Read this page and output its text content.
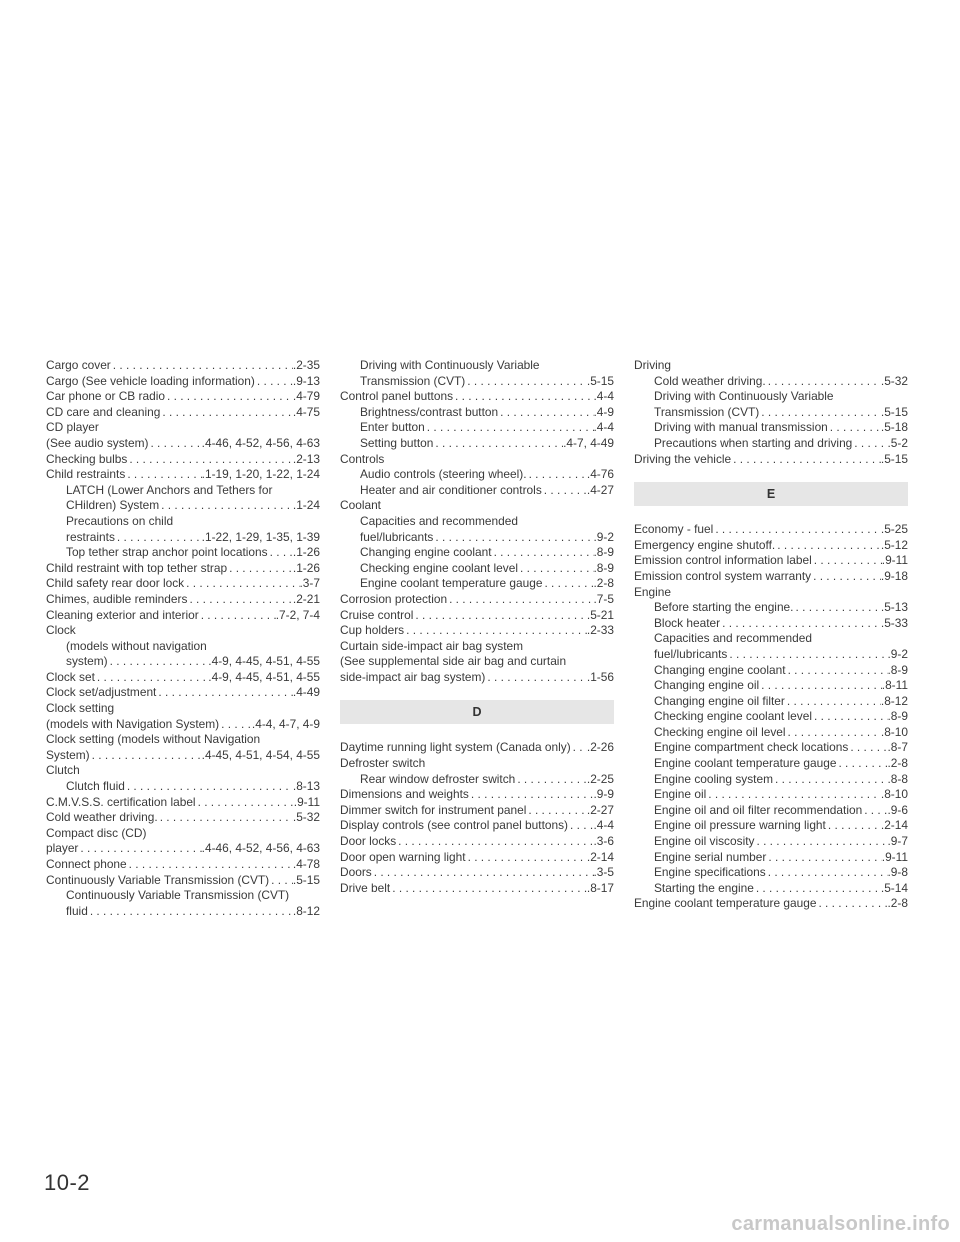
Cargo cover . . .	.2-35
Cargo (See vehicle loading information) . . .	.9-13
Car phone or CB radio . . .	.4-79
CD care and cleaning . . .	.4-75
CD player
(See audio system) . . .	.4-46, 4-52, 4-56, 4-63
Checking bulbs . . .	.2-13
Child restraints . . .	.1-19, 1-20, 1-22, 1-24
LATCH (Lower Anchors and Tethers for
CHildren) System . . .	.1-24
Precautions on child
restraints . . .	.1-22, 1-29, 1-35, 1-39
Top tether strap anchor point locations . . . .1-26
Child restraint with top tether strap . . .	.1-26
Child safety rear door lock . . .	.3-7
Chimes, audible reminders . . .	.2-21
Cleaning exterior and interior . . .	.7-2, 7-4
Clock
(models without navigation
system) . . .	.4-9, 4-45, 4-51, 4-55
Clock set . . .	.4-9, 4-45, 4-51, 4-55
Clock set/adjustment . . .	.4-49
Clock setting
(models with Navigation System) . . .	.4-4, 4-7, 4-9
Clock setting (models without Navigation
System) . . .	.4-45, 4-51, 4-54, 4-55
Clutch
Clutch fluid . . .	.8-13
C.M.V.S.S. certification label . . .	.9-11
Cold weather driving. . . .	.5-32
Compact disc (CD)
player . . .	.4-46, 4-52, 4-56, 4-63
Connect phone . . .	.4-78
Continuously Variable Transmission (CVT) . . . .5-15
Continuously Variable Transmission (CVT)
fluid . . .	.8-12
Driving with Continuously Variable
Transmission (CVT) . . .	.5-15
Control panel buttons . . .	.4-4
Brightness/contrast button . . .	.4-9
Enter button . . .	.4-4
Setting button . . .	.4-7, 4-49
Controls
Audio controls (steering wheel). . . .	.4-76
Heater and air conditioner controls . . .	.4-27
Coolant
Capacities and recommended
fuel/lubricants . . .	.9-2
Changing engine coolant . . .	.8-9
Checking engine coolant level . . .	.8-9
Engine coolant temperature gauge . . .	.2-8
Corrosion protection . . .	.7-5
Cruise control . . .	.5-21
Cup holders . . .	.2-33
Curtain side-impact air bag system
(See supplemental side air bag and curtain
side-impact air bag system) . . .	.1-56
D
Daytime running light system (Canada only) . . . .2-26
Defroster switch
Rear window defroster switch . . .	.2-25
Dimensions and weights . . .	.9-9
Dimmer switch for instrument panel . . .	.2-27
Display controls (see control panel buttons) . . . .4-4
Door locks . . .	.3-6
Door open warning light . . .	.2-14
Doors . . .	.3-5
Drive belt . . .	.8-17
Driving
Cold weather driving. . . .	.5-32
Driving with Continuously Variable
Transmission (CVT) . . .	.5-15
Driving with manual transmission . . .	.5-18
Precautions when starting and driving . . .	.5-2
Driving the vehicle . . .	.5-15
E
Economy - fuel . . .	.5-25
Emergency engine shutoff. . . .	.5-12
Emission control information label . . .	.9-11
Emission control system warranty . . .	.9-18
Engine
Before starting the engine. . . .	.5-13
Block heater . . .	.5-33
Capacities and recommended
fuel/lubricants . . .	.9-2
Changing engine coolant . . .	.8-9
Changing engine oil . . .	.8-11
Changing engine oil filter . . .	.8-12
Checking engine coolant level . . .	.8-9
Checking engine oil level . . .	.8-10
Engine compartment check locations . . .	.8-7
Engine coolant temperature gauge . . .	.2-8
Engine cooling system . . .	.8-8
Engine oil . . .	.8-10
Engine oil and oil filter recommendation . . . .9-6
Engine oil pressure warning light . . .	.2-14
Engine oil viscosity . . .	.9-7
Engine serial number . . .	.9-11
Engine specifications . . .	.9-8
Starting the engine . . .	.5-14
Engine coolant temperature gauge . . .	.2-8
10-2
carmanualsonline.info
